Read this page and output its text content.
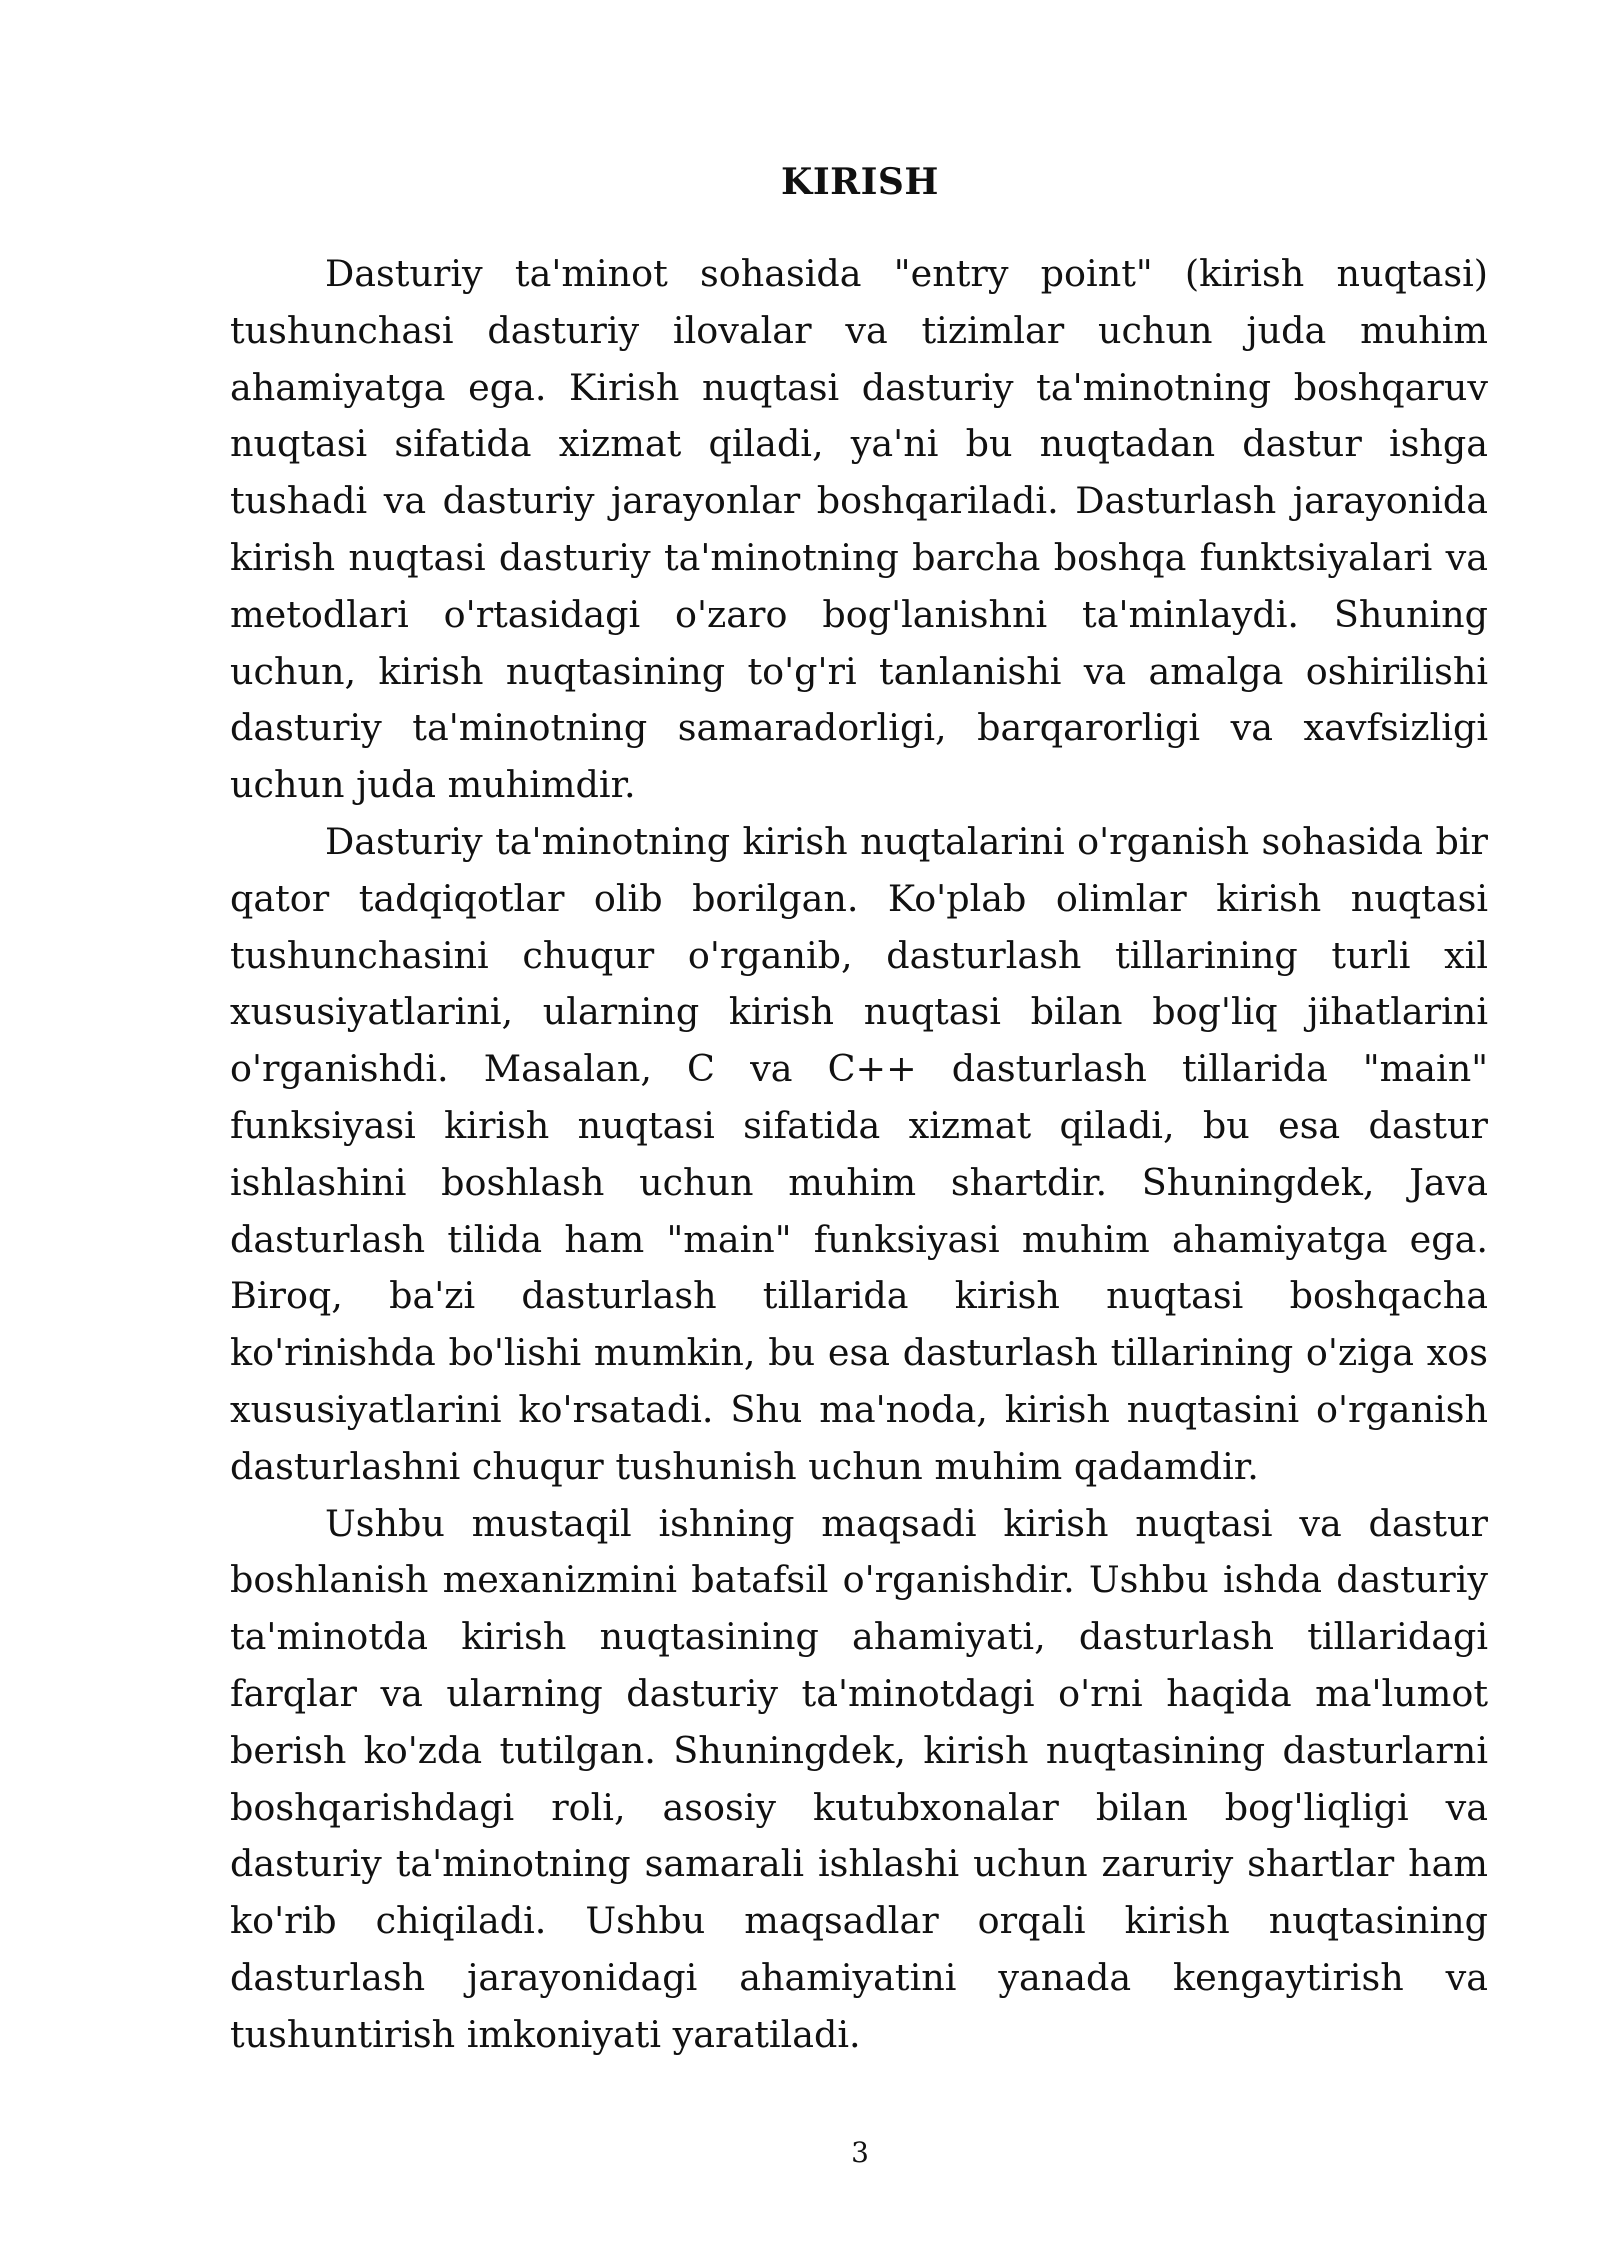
KIRISH

Dasturiy ta'minot sohasida "entry point" (kirish nuqtasi) tushunchasi dasturiy ilovalar va tizimlar uchun juda muhim ahamiyatga ega. Kirish nuqtasi dasturiy ta'minotning boshqaruv nuqtasi sifatida xizmat qiladi, ya'ni bu nuqtadan dastur ishga tushadi va dasturiy jarayonlar boshqariladi. Dasturlash jarayonida kirish nuqtasi dasturiy ta'minotning barcha boshqa funktsiyalari va metodlari o'rtasidagi o'zaro bog'lanishni ta'minlaydi. Shuning uchun, kirish nuqtasining to'g'ri tanlanishi va amalga oshirilishi dasturiy ta'minotning samaradorligi, barqarorligi va xavfsizligi uchun juda muhimdir.

Dasturiy ta'minotning kirish nuqtalarini o'rganish sohasida bir qator tadqiqotlar olib borilgan. Ko'plab olimlar kirish nuqtasi tushunchasini chuqur o'rganib, dasturlash tillarining turli xil xususiyatlarini, ularning kirish nuqtasi bilan bog'liq jihatlarini o'rganishdi. Masalan, C va C++ dasturlash tillarida "main" funksiyasi kirish nuqtasi sifatida xizmat qiladi, bu esa dastur ishlashini boshlash uchun muhim shartdir. Shuningdek, Java dasturlash tilida ham "main" funksiyasi muhim ahamiyatga ega. Biroq, ba'zi dasturlash tillarida kirish nuqtasi boshqacha ko'rinishda bo'lishi mumkin, bu esa dasturlash tillarining o'ziga xos xususiyatlarini ko'rsatadi. Shu ma'noda, kirish nuqtasini o'rganish dasturlashni chuqur tushunish uchun muhim qadamdir.

Ushbu mustaqil ishning maqsadi kirish nuqtasi va dastur boshlanish mexanizmini batafsil o'rganishdir. Ushbu ishda dasturiy ta'minotda kirish nuqtasining ahamiyati, dasturlash tillaridagi farqlar va ularning dasturiy ta'minotdagi o'rni haqida ma'lumot berish ko'zda tutilgan. Shuningdek, kirish nuqtasining dasturlarni boshqarishdagi roli, asosiy kutubxonalar bilan bog'liqligi va dasturiy ta'minotning samarali ishlashi uchun zaruriy shartlar ham ko'rib chiqiladi. Ushbu maqsadlar orqali kirish nuqtasining dasturlash jarayonidagi ahamiyatini yanada kengaytirish va tushuntirish imkoniyati yaratiladi.

3
